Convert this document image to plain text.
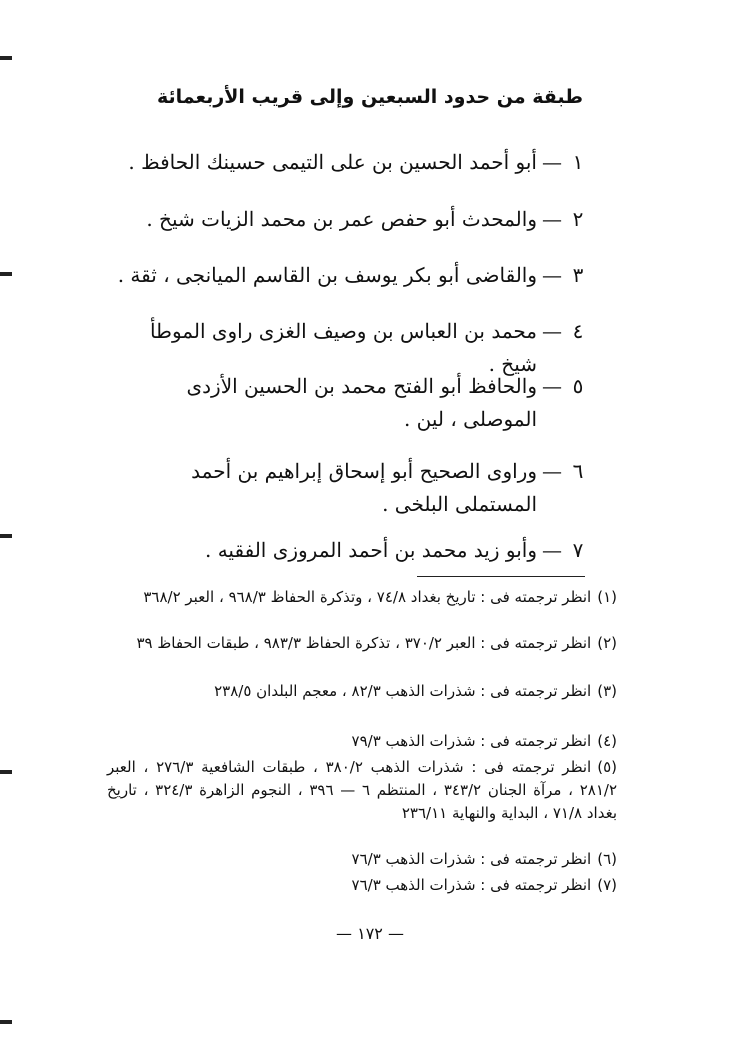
طبقة من حدود السبعين وإلى قريب الأربعمائة
١
—
أبو أحمد الحسين بن على التيمى حسينك الحافظ .
٢
—
والمحدث أبو حفص عمر بن محمد الزيات شيخ .
٣
—
والقاضى أبو بكر يوسف بن القاسم الميانجى ، ثقة .
٤
—
محمد بن العباس بن وصيف الغزى راوى الموطأ شيخ .
٥
—
والحافظ أبو الفتح محمد بن الحسين الأزدى الموصلى ، لين .
٦
—
وراوى الصحيح أبو إسحاق إبراهيم بن أحمد المستملى البلخى .
٧
—
وأبو زيد محمد بن أحمد المروزى الفقيه .
(١)انظر ترجمته فى : تاريخ بغداد ٧٤/٨ ، وتذكرة الحفاظ ٩٦٨/٣ ، العبر ٣٦٨/٢
(٢)انظر ترجمته فى : العبر ٣٧٠/٢ ، تذكرة الحفاظ ٩٨٣/٣ ، طبقات الحفاظ ٣٩
(٣)انظر ترجمته فى : شذرات الذهب ٨٢/٣ ، معجم البلدان ٢٣٨/٥
(٤)انظر ترجمته فى : شذرات الذهب ٧٩/٣
(٥)انظر ترجمته فى : شذرات الذهب ٣٨٠/٢ ، طبقات الشافعية ٢٧٦/٣ ، العبر ٢٨١/٢ ، مرآة الجنان ٣٤٣/٢ ، المنتظم ٦ — ٣٩٦ ، النجوم الزاهرة ٣٢٤/٣ ، تاريخ بغداد ٧١/٨ ، البداية والنهاية ٢٣٦/١١
(٦)انظر ترجمته فى : شذرات الذهب ٧٦/٣
(٧)انظر ترجمته فى : شذرات الذهب ٧٦/٣
— ١٧٢ —
